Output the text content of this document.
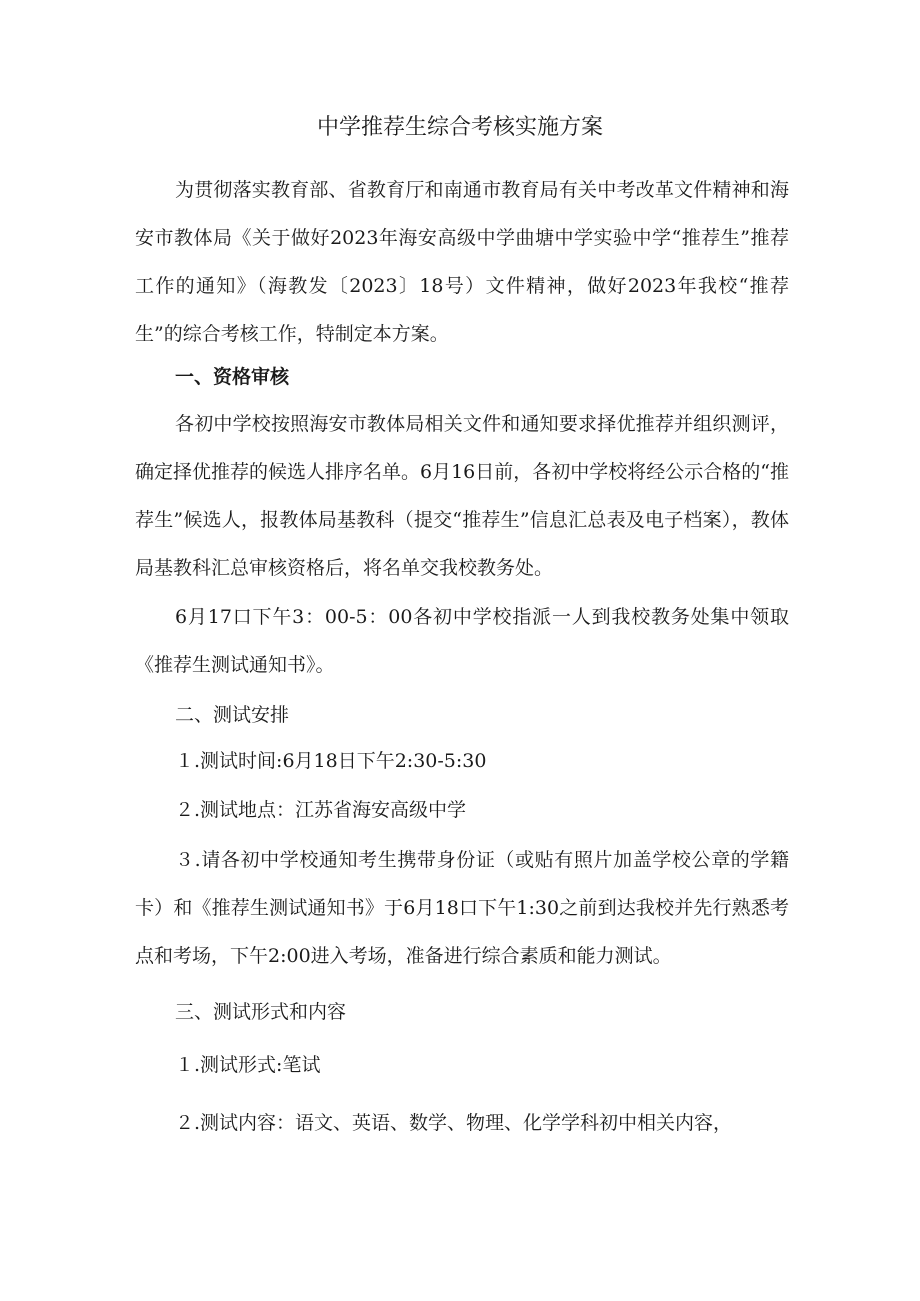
中学推荐生综合考核实施方案

为贯彻落实教育部、省教育厅和南通市教育局有关中考改革文件精神和海安市教体局《关于做好2023年海安高级中学曲塘中学实验中学“推荐生”推荐工作的通知》（海教发〔2023〕18号）文件精神，做好2023年我校“推荐生”的综合考核工作，特制定本方案。

一、资格审核

各初中学校按照海安市教体局相关文件和通知要求择优推荐并组织测评，确定择优推荐的候选人排序名单。6月16日前，各初中学校将经公示合格的“推荐生”候选人，报教体局基教科（提交“推荐生”信息汇总表及电子档案），教体局基教科汇总审核资格后，将名单交我校教务处。

6月17口下午3：00-5：00各初中学校指派一人到我校教务处集中领取《推荐生测试通知书》。

二、测试安排

１.测试时间:6月18日下午2:30-5:30

２.测试地点：江苏省海安高级中学

３.请各初中学校通知考生携带身份证（或贴有照片加盖学校公章的学籍卡）和《推荐生测试通知书》于6月18口下午1:30之前到达我校并先行熟悉考点和考场，下午2:00进入考场，准备进行综合素质和能力测试。

三、测试形式和内容

１.测试形式:笔试

２.测试内容：语文、英语、数学、物理、化学学科初中相关内容，
